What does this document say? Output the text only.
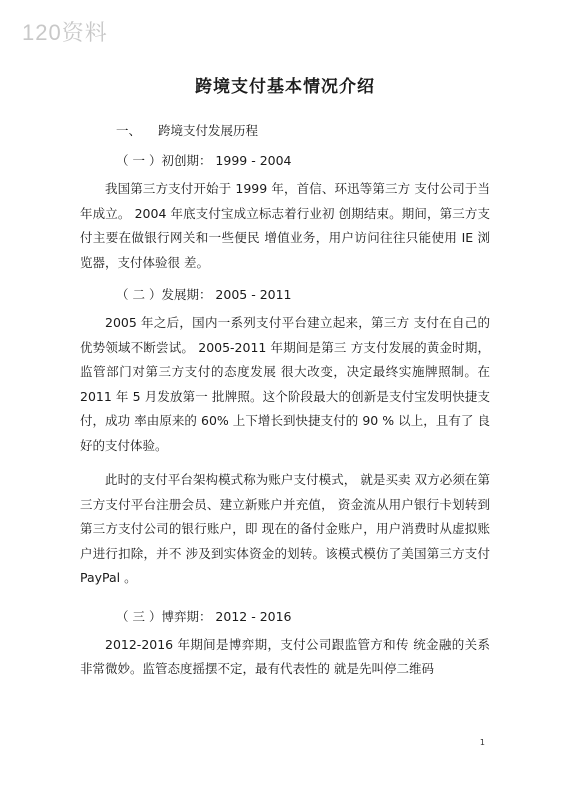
120资料
跨境支付基本情况介绍
一、 跨境支付发展历程
（ 一 ）初创期： 1999 - 2004

我国第三方支付开始于 1999 年，首信、环迅等第三方 支付公司于当年成立。 2004 年底支付宝成立标志着行业初 创期结束。期间，第三方支付主要在做银行网关和一些便民 增值业务，用户访问往往只能使用 IE 浏览器，支付体验很 差。

（ 二 ）发展期： 2005 - 2011

2005 年之后，国内一系列支付平台建立起来，第三方 支付在自己的优势领域不断尝试。 2005-2011 年期间是第三 方支付发展的黄金时期，监管部门对第三方支付的态度发展 很大改变，决定最终实施牌照制。在 2011 年 5 月发放第一 批牌照。这个阶段最大的创新是支付宝发明快捷支付，成功 率由原来的 60% 上下增长到快捷支付的 90 % 以上，且有了 良好的支付体验。

此时的支付平台架构模式称为账户支付模式， 就是买卖 双方必须在第三方支付平台注册会员、建立新账户并充值， 资金流从用户银行卡划转到第三方支付公司的银行账户，即 现在的备付金账户，用户消费时从虚拟账户进行扣除，并不 涉及到实体资金的划转。该模式模仿了美国第三方支付 PayPal 。

（ 三 ）博弈期： 2012 - 2016

2012-2016 年期间是博弈期，支付公司跟监管方和传 统金融的关系非常微妙。监管态度摇摆不定，最有代表性的 就是先叫停二维码

1
